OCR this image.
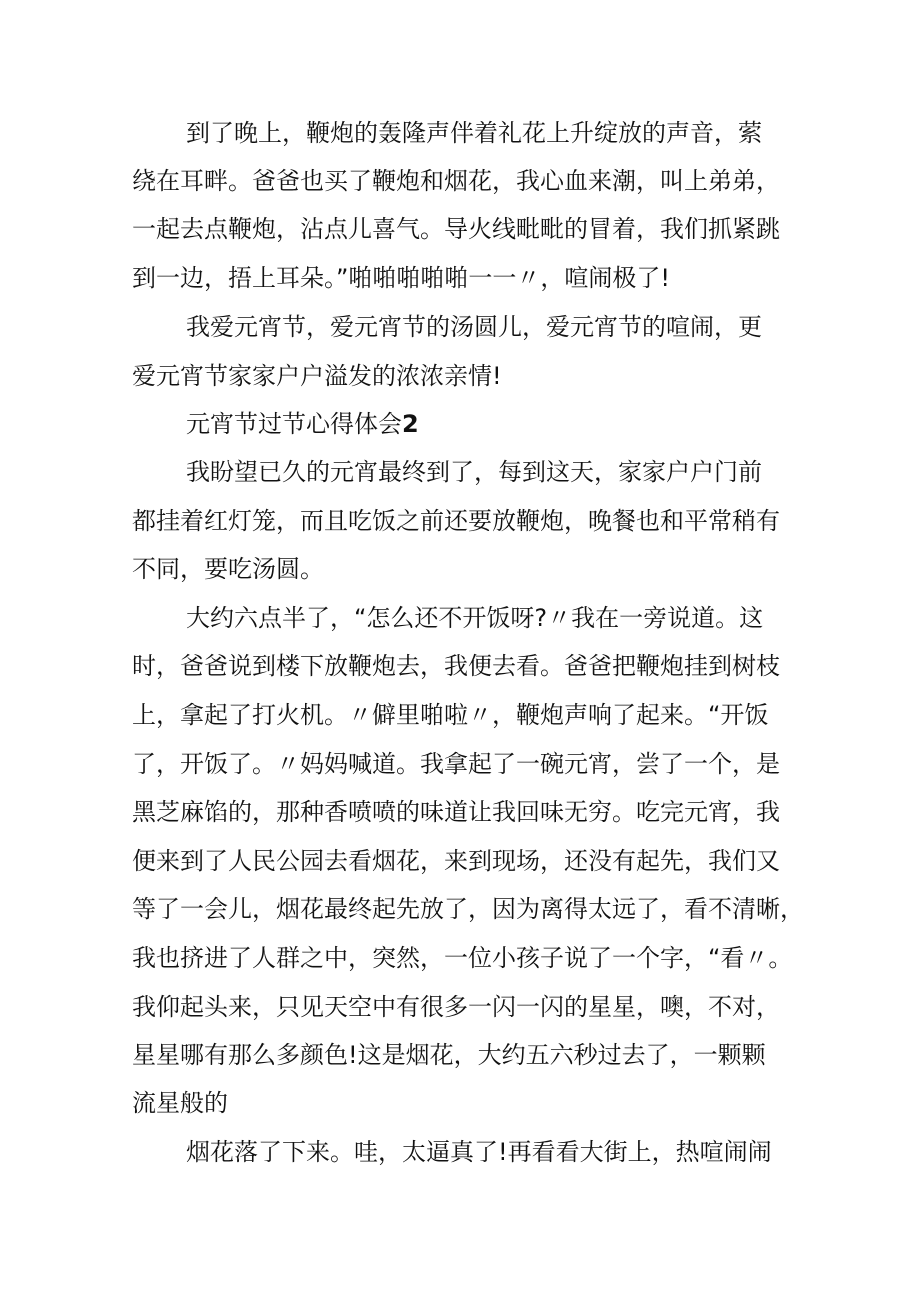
到了晚上，鞭炮的轰隆声伴着礼花上升绽放的声音，萦
绕在耳畔。爸爸也买了鞭炮和烟花，我心血来潮，叫上弟弟，
一起去点鞭炮，沾点儿喜气。导火线毗毗的冒着，我们抓紧跳
到一边，捂上耳朵。”啪啪啪啪啪一一〃，喧闹极了!
我爱元宵节，爱元宵节的汤圆儿，爱元宵节的喧闹，更
爱元宵节家家户户溢发的浓浓亲情!
元宵节过节心得体会2
我盼望已久的元宵最终到了，每到这天，家家户户门前
都挂着红灯笼，而且吃饭之前还要放鞭炮，晚餐也和平常稍有
不同，要吃汤圆。
大约六点半了，“怎么还不开饭呀?〃我在一旁说道。这
时，爸爸说到楼下放鞭炮去，我便去看。爸爸把鞭炮挂到树枝
上，拿起了打火机。〃僻里啪啦〃，鞭炮声响了起来。“开饭
了，开饭了。〃妈妈喊道。我拿起了一碗元宵，尝了一个，是
黑芝麻馅的，那种香喷喷的味道让我回味无穷。吃完元宵，我
便来到了人民公园去看烟花，来到现场，还没有起先，我们又
等了一会儿，烟花最终起先放了，因为离得太远了，看不清晰，
我也挤进了人群之中，突然，一位小孩子说了一个字，“看〃。
我仰起头来，只见天空中有很多一闪一闪的星星，噢，不对，
星星哪有那么多颜色!这是烟花，大约五六秒过去了，一颗颗
流星般的
烟花落了下来。哇，太逼真了!再看看大街上，热喧闹闹
